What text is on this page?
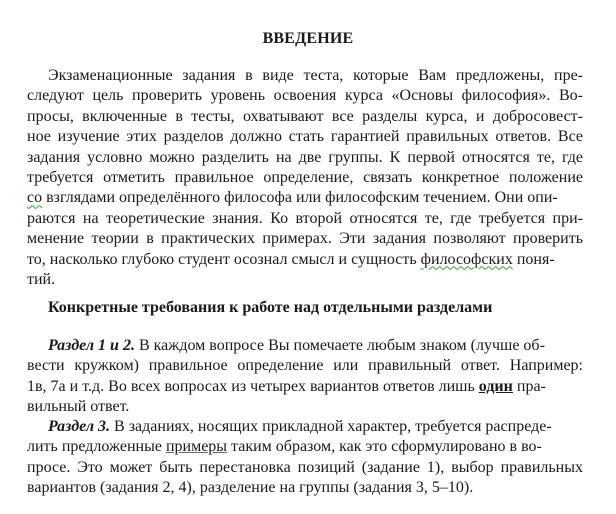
ВВЕДЕНИЕ
Экзаменационные задания в виде теста, которые Вам предложены, пре-
следуют цель проверить уровень освоения курса «Основы философия». Во-
просы, включенные в тесты, охватывают все разделы курса, и добросовест-
ное изучение этих разделов должно стать гарантией правильных ответов. Все
задания условно можно разделить на две группы. К первой относятся те, где
требуется отметить правильное определение, связать конкретное положение
со взглядами определённого философа или философским течением. Они опи-
раются на теоретические знания. Ко второй относятся те, где требуется при-
менение теории в практических примерах. Эти задания позволяют проверить
то, насколько глубоко студент осознал смысл и сущность философских поня-
тий.
Конкретные требования к работе над отдельными разделами
Раздел 1 и 2. В каждом вопросе Вы помечаете любым знаком (лучше об-
вести кружком) правильное определение или правильный ответ. Например:
1в, 7а и т.д. Во всех вопросах из четырех вариантов ответов лишь один пра-
вильный ответ.
Раздел 3. В заданиях, носящих прикладной характер, требуется распреде-
лить предложенные примеры таким образом, как это сформулировано в во-
просе. Это может быть перестановка позиций (задание 1), выбор правильных
вариантов (задания 2, 4), разделение на группы (задания 3, 5–10).
